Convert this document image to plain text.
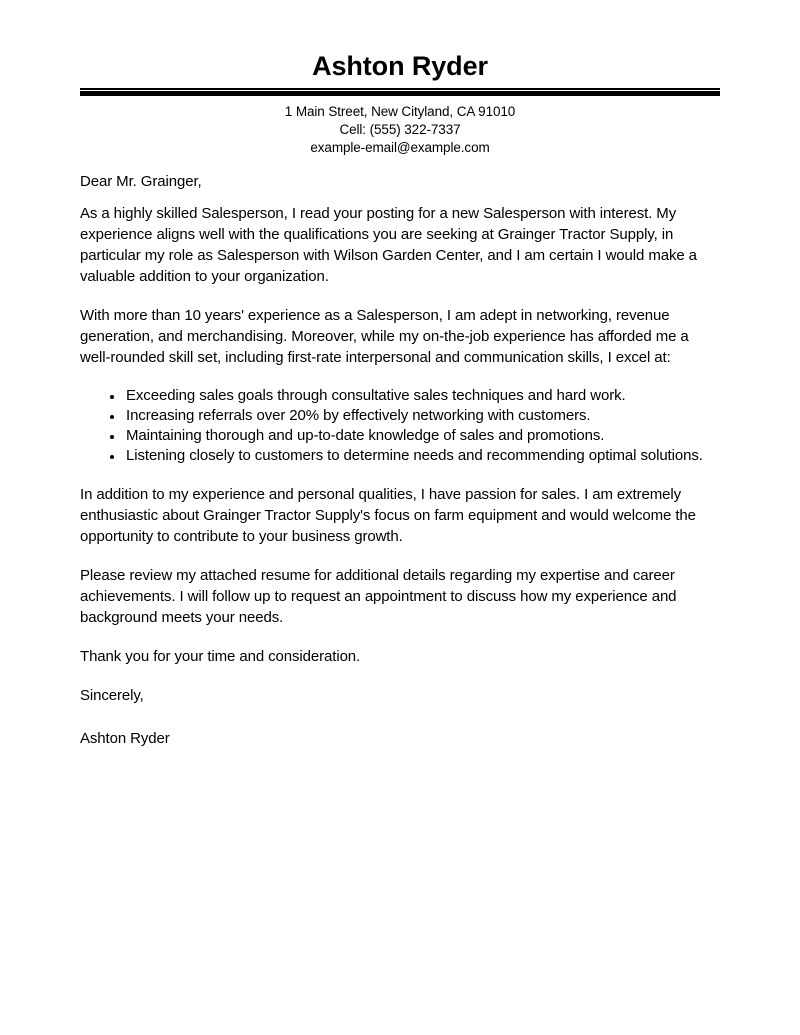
Ashton Ryder
1 Main Street, New Cityland, CA 91010
Cell: (555) 322-7337
example-email@example.com

Dear Mr. Grainger,

As a highly skilled Salesperson, I read your posting for a new Salesperson with interest. My experience aligns well with the qualifications you are seeking at Grainger Tractor Supply, in particular my role as Salesperson with Wilson Garden Center, and I am certain I would make a valuable addition to your organization.

With more than 10 years' experience as a Salesperson, I am adept in networking, revenue generation, and merchandising. Moreover, while my on-the-job experience has afforded me a well-rounded skill set, including first-rate interpersonal and communication skills, I excel at:

• Exceeding sales goals through consultative sales techniques and hard work.
• Increasing referrals over 20% by effectively networking with customers.
• Maintaining thorough and up-to-date knowledge of sales and promotions.
• Listening closely to customers to determine needs and recommending optimal solutions.

In addition to my experience and personal qualities, I have passion for sales. I am extremely enthusiastic about Grainger Tractor Supply's focus on farm equipment and would welcome the opportunity to contribute to your business growth.

Please review my attached resume for additional details regarding my expertise and career achievements. I will follow up to request an appointment to discuss how my experience and background meets your needs.

Thank you for your time and consideration.

Sincerely,

Ashton Ryder
